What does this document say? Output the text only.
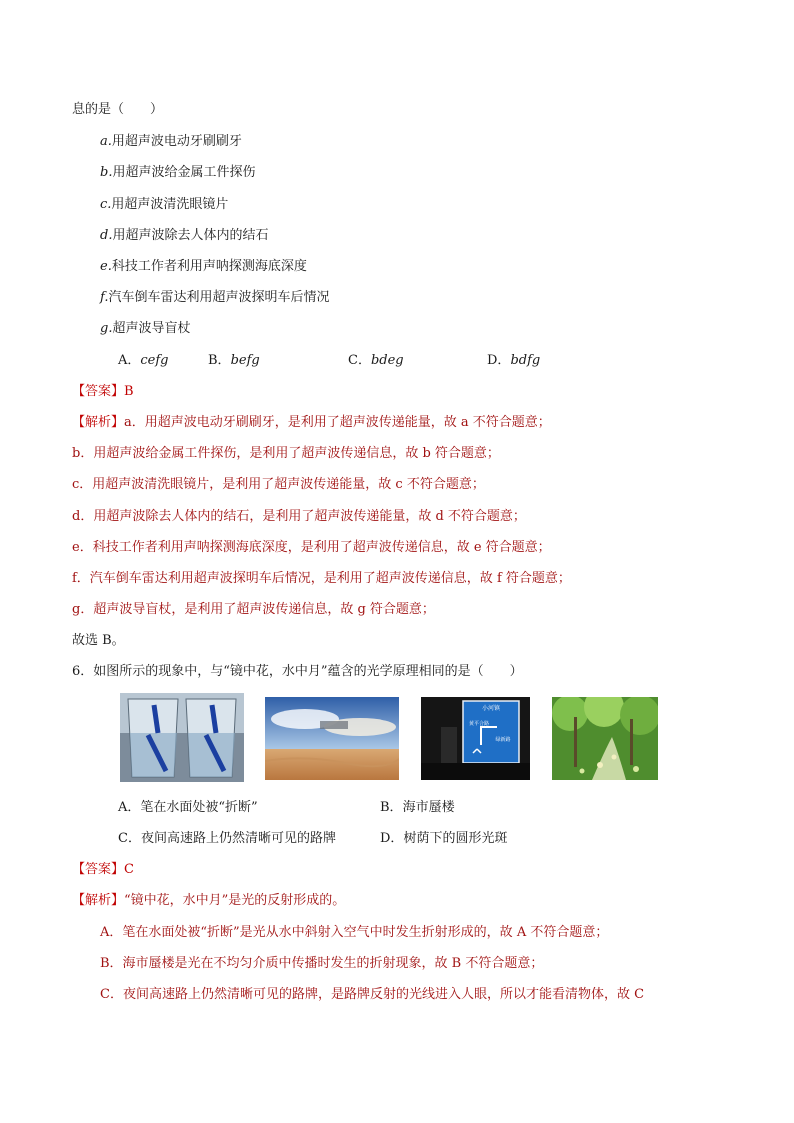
息的是（　　）
a.用超声波电动牙刷刷牙
b.用超声波给金属工件探伤
c.用超声波清洗眼镜片
d.用超声波除去人体内的结石
e.科技工作者利用声呐探测海底深度
f.汽车倒车雷达利用超声波探明车后情况
g.超声波导盲杖
A．cefg	B．befg	C．bdeg	D．bdfg
【答案】B
【解析】a．用超声波电动牙刷刷牙，是利用了超声波传递能量，故 a 不符合题意；
b．用超声波给金属工件探伤，是利用了超声波传递信息，故 b 符合题意；
c．用超声波清洗眼镜片，是利用了超声波传递能量，故 c 不符合题意；
d．用超声波除去人体内的结石，是利用了超声波传递能量，故 d 不符合题意；
e．科技工作者利用声呐探测海底深度，是利用了超声波传递信息，故 e 符合题意；
f．汽车倒车雷达利用超声波探明车后情况，是利用了超声波传递信息，故 f 符合题意；
g．超声波导盲杖，是利用了超声波传递信息，故 g 符合题意；
故选 B。
6．如图所示的现象中，与“镜中花，水中月”蕴含的光学原理相同的是（　　）
小河镇
黄平合路
绿新路
A．笔在水面处被“折断”	B．海市蜃楼
C．夜间高速路上仍然清晰可见的路牌	D．树荫下的圆形光斑
【答案】C
【解析】“镜中花，水中月”是光的反射形成的。
A．笔在水面处被“折断”是光从水中斜射入空气中时发生折射形成的，故 A 不符合题意；
B．海市蜃楼是光在不均匀介质中传播时发生的折射现象，故 B 不符合题意；
C．夜间高速路上仍然清晰可见的路牌，是路牌反射的光线进入人眼，所以才能看清物体，故 C
